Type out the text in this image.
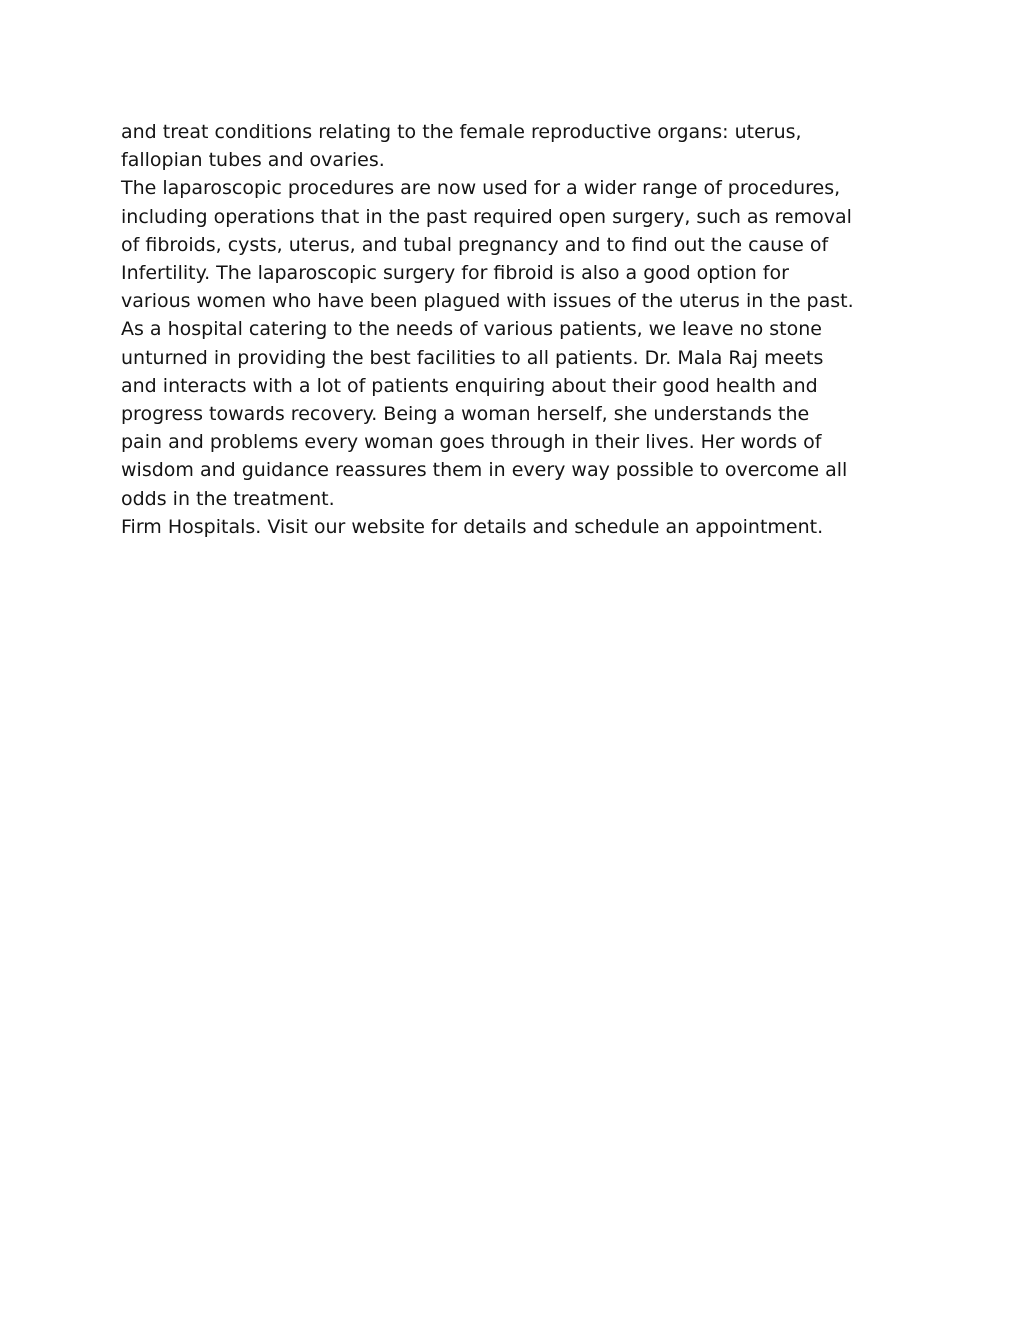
and treat conditions relating to the female reproductive organs: uterus,
fallopian tubes and ovaries.
The laparoscopic procedures are now used for a wider range of procedures,
including operations that in the past required open surgery, such as removal
of fibroids, cysts, uterus, and tubal pregnancy and to find out the cause of
Infertility. The laparoscopic surgery for fibroid is also a good option for
various women who have been plagued with issues of the uterus in the past.
As a hospital catering to the needs of various patients, we leave no stone
unturned in providing the best facilities to all patients. Dr. Mala Raj meets
and interacts with a lot of patients enquiring about their good health and
progress towards recovery. Being a woman herself, she understands the
pain and problems every woman goes through in their lives. Her words of
wisdom and guidance reassures them in every way possible to overcome all
odds in the treatment.
Firm Hospitals. Visit our website for details and schedule an appointment.
